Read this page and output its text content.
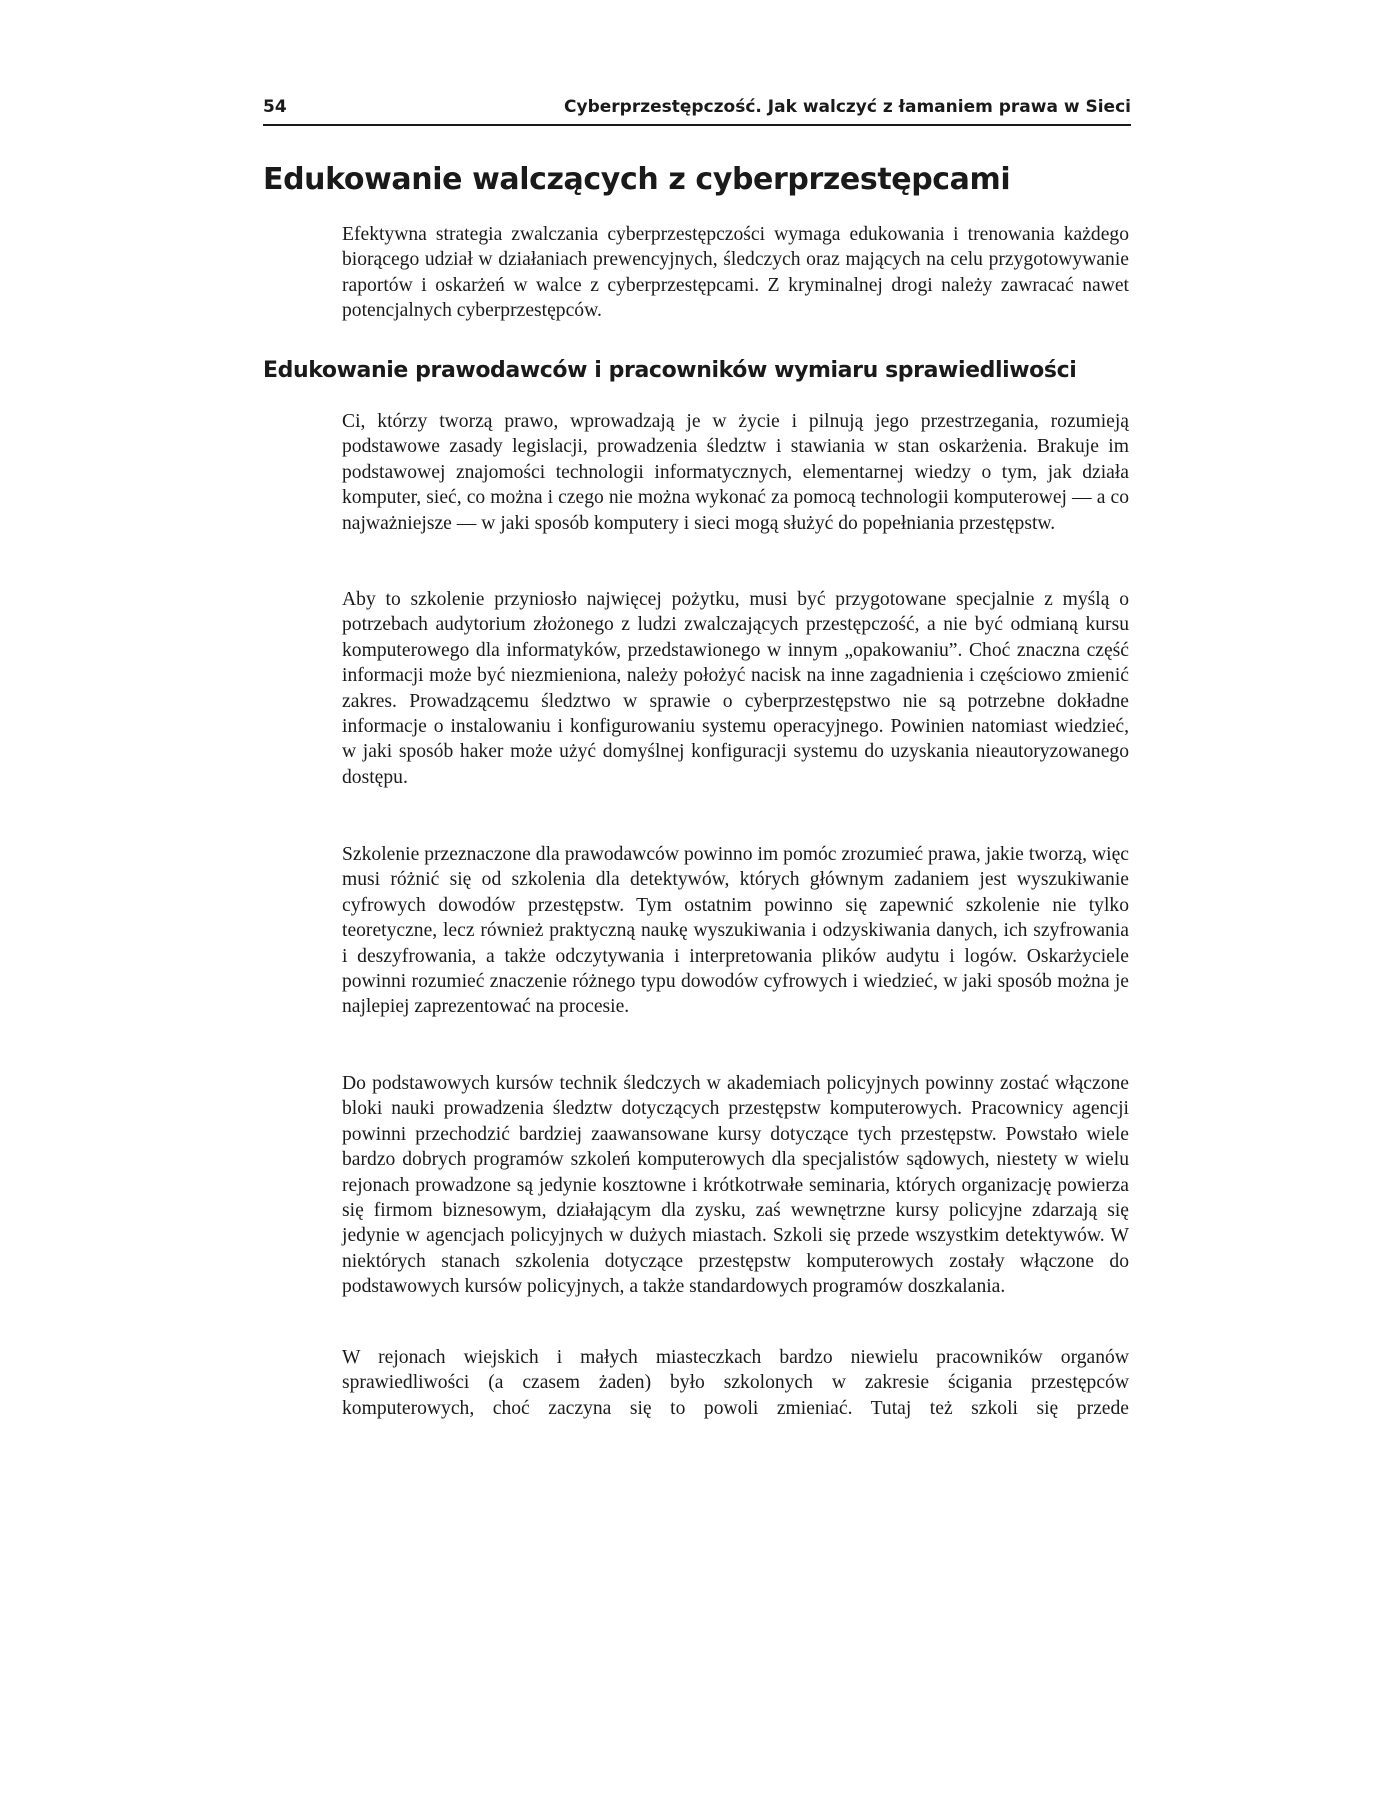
54	Cyberprzestępczość. Jak walczyć z łamaniem prawa w Sieci
Edukowanie walczących z cyberprzestępcami

Efektywna strategia zwalczania cyberprzestępczości wymaga edukowania i trenowania każdego biorącego udział w działaniach prewencyjnych, śledczych oraz mających na celu przygotowywanie raportów i oskarżeń w walce z cyberprzestępcami. Z kryminalnej drogi należy zawracać nawet potencjalnych cyberprzestępców.

Edukowanie prawodawców i pracowników wymiaru sprawiedliwości

Ci, którzy tworzą prawo, wprowadzają je w życie i pilnują jego przestrzegania, rozumieją podstawowe zasady legislacji, prowadzenia śledztw i stawiania w stan oskarżenia. Brakuje im podstawowej znajomości technologii informatycznych, elementarnej wiedzy o tym, jak działa komputer, sieć, co można i czego nie można wykonać za pomocą technologii komputerowej — a co najważniejsze — w jaki sposób komputery i sieci mogą służyć do popełniania przestępstw.

Aby to szkolenie przyniosło najwięcej pożytku, musi być przygotowane specjalnie z myślą o potrzebach audytorium złożonego z ludzi zwalczających przestępczość, a nie być odmianą kursu komputerowego dla informatyków, przedstawionego w innym „opakowaniu”. Choć znaczna część informacji może być niezmieniona, należy położyć nacisk na inne zagadnienia i częściowo zmienić zakres. Prowadzącemu śledztwo w sprawie o cyberprzestępstwo nie są potrzebne dokładne informacje o instalowaniu i konfigurowaniu systemu operacyjnego. Powinien natomiast wiedzieć, w jaki sposób haker może użyć domyślnej konfiguracji systemu do uzyskania nieautoryzowanego dostępu.

Szkolenie przeznaczone dla prawodawców powinno im pomóc zrozumieć prawa, jakie tworzą, więc musi różnić się od szkolenia dla detektywów, których głównym zadaniem jest wyszukiwanie cyfrowych dowodów przestępstw. Tym ostatnim powinno się zapewnić szkolenie nie tylko teoretyczne, lecz również praktyczną naukę wyszukiwania i odzyskiwania danych, ich szyfrowania i deszyfrowania, a także odczytywania i interpretowania plików audytu i logów. Oskarżyciele powinni rozumieć znaczenie różnego typu dowodów cyfrowych i wiedzieć, w jaki sposób można je najlepiej zaprezentować na procesie.

Do podstawowych kursów technik śledczych w akademiach policyjnych powinny zostać włączone bloki nauki prowadzenia śledztw dotyczących przestępstw komputerowych. Pracownicy agencji powinni przechodzić bardziej zaawansowane kursy dotyczące tych przestępstw. Powstało wiele bardzo dobrych programów szkoleń komputerowych dla specjalistów sądowych, niestety w wielu rejonach prowadzone są jedynie kosztowne i krótkotrwałe seminaria, których organizację powierza się firmom biznesowym, działającym dla zysku, zaś wewnętrzne kursy policyjne zdarzają się jedynie w agencjach policyjnych w dużych miastach. Szkoli się przede wszystkim detektywów. W niektórych stanach szkolenia dotyczące przestępstw komputerowych zostały włączone do podstawowych kursów policyjnych, a także standardowych programów doszkalania.

W rejonach wiejskich i małych miasteczkach bardzo niewielu pracowników organów sprawiedliwości (a czasem żaden) było szkolonych w zakresie ścigania przestępców komputerowych, choć zaczyna się to powoli zmieniać. Tutaj też szkoli się przede
